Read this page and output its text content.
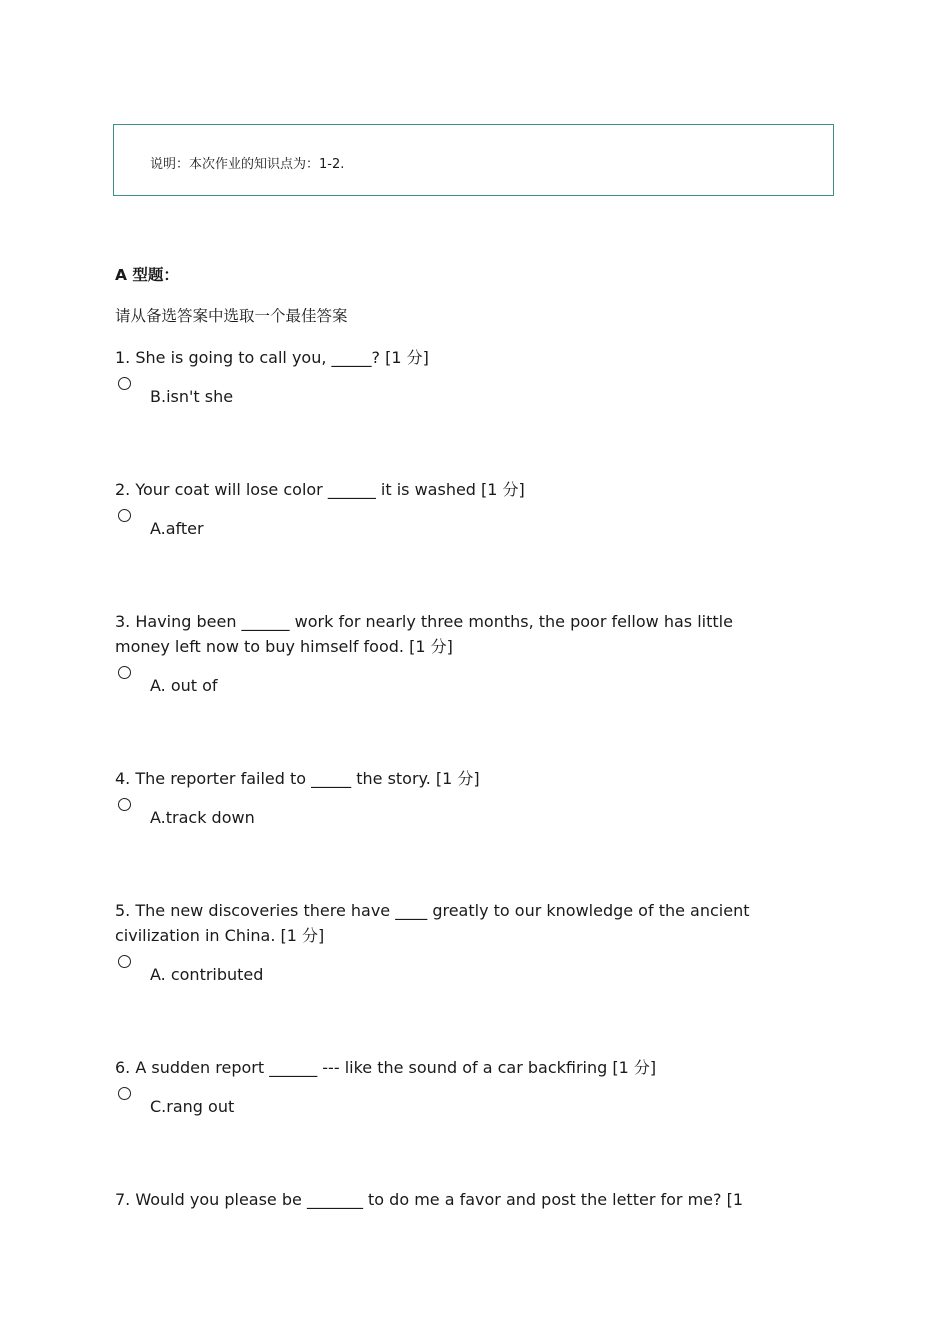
说明：本次作业的知识点为：1-2.
A 型题：
请从备选答案中选取一个最佳答案
1. She is going to call you, _____? [1 分]
B.isn't she
2. Your coat will lose color ______ it is washed [1 分]
A.after
3. Having been ______ work for nearly three months, the poor fellow has little money left now to buy himself food. [1 分]
A. out of
4. The reporter failed to _____ the story. [1 分]
A.track down
5. The new discoveries there have ____ greatly to our knowledge of the ancient civilization in China. [1 分]
A. contributed
6. A sudden report ______ --- like the sound of a car backfiring [1 分]
C.rang out
7. Would you please be _______ to do me a favor and post the letter for me? [1
